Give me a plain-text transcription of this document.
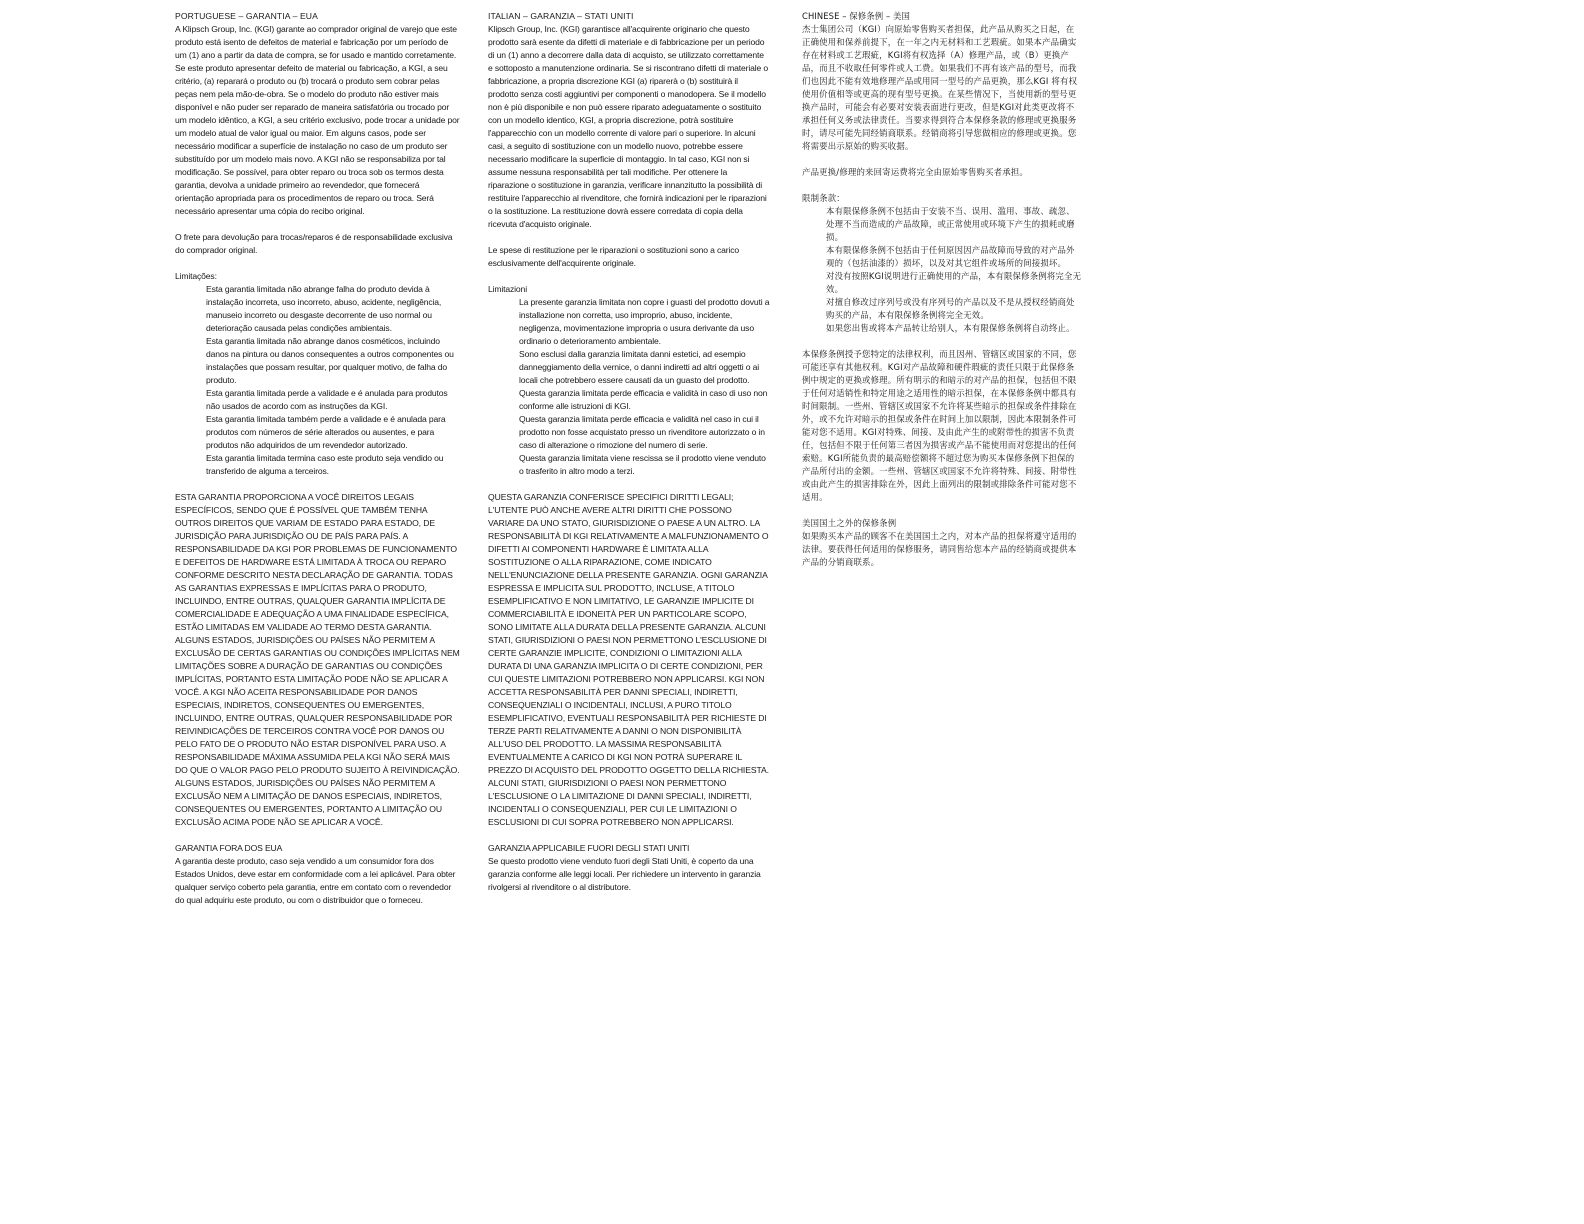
PORTUGUESE – GARANTIA – EUA

A Klipsch Group, Inc. (KGI) garante ao comprador original de varejo que este produto está isento de defeitos de material e fabricação por um período de um (1) ano a partir da data de compra, se for usado e mantido corretamente. Se este produto apresentar defeito de material ou fabricação, a KGI, a seu critério, (a) reparará o produto ou (b) trocará o produto sem cobrar pelas peças nem pela mão-de-obra. Se o modelo do produto não estiver mais disponível e não puder ser reparado de maneira satisfatória ou trocado por um modelo idêntico, a KGI, a seu critério exclusivo, pode trocar a unidade por um modelo atual de valor igual ou maior. Em alguns casos, pode ser necessário modificar a superfície de instalação no caso de um produto ser substituído por um modelo mais novo. A KGI não se responsabiliza por tal modificação. Se possível, para obter reparo ou troca sob os termos desta garantia, devolva a unidade primeiro ao revendedor, que fornecerá orientação apropriada para os procedimentos de reparo ou troca. Será necessário apresentar uma cópia do recibo original.

O frete para devolução para trocas/reparos é de responsabilidade exclusiva do comprador original.

Limitações:

Esta garantia limitada não abrange falha do produto devida à instalação incorreta, uso incorreto, abuso, acidente, negligência, manuseio incorreto ou desgaste decorrente de uso normal ou deterioração causada pelas condições ambientais.

Esta garantia limitada não abrange danos cosméticos, incluindo danos na pintura ou danos consequentes a outros componentes ou instalações que possam resultar, por qualquer motivo, de falha do produto.

Esta garantia limitada perde a validade e é anulada para produtos não usados de acordo com as instruções da KGI.

Esta garantia limitada também perde a validade e é anulada para produtos com números de série alterados ou ausentes, e para produtos não adquiridos de um revendedor autorizado.

Esta garantia limitada termina caso este produto seja vendido ou transferido de alguma a terceiros.

ESTA GARANTIA PROPORCIONA A VOCÊ DIREITOS LEGAIS ESPECÍFICOS, SENDO QUE É POSSÍVEL QUE TAMBÉM TENHA OUTROS DIREITOS QUE VARIAM DE ESTADO PARA ESTADO, DE JURISDIÇÃO PARA JURISDIÇÃO OU DE PAÍS PARA PAÍS. A RESPONSABILIDADE DA KGI POR PROBLEMAS DE FUNCIONAMENTO E DEFEITOS DE HARDWARE ESTÁ LIMITADA À TROCA OU REPARO CONFORME DESCRITO NESTA DECLARAÇÃO DE GARANTIA. TODAS AS GARANTIAS EXPRESSAS E IMPLÍCITAS PARA O PRODUTO, INCLUINDO, ENTRE OUTRAS, QUALQUER GARANTIA IMPLÍCITA DE COMERCIALIDADE E ADEQUAÇÃO A UMA FINALIDADE ESPECÍFICA, ESTÃO LIMITADAS EM VALIDADE AO TERMO DESTA GARANTIA. ALGUNS ESTADOS, JURISDIÇÕES OU PAÍSES NÃO PERMITEM A EXCLUSÃO DE CERTAS GARANTIAS OU CONDIÇÕES IMPLÍCITAS NEM LIMITAÇÕES SOBRE A DURAÇÃO DE GARANTIAS OU CONDIÇÕES IMPLÍCITAS, PORTANTO ESTA LIMITAÇÃO PODE NÃO SE APLICAR A VOCÊ. A KGI NÃO ACEITA RESPONSABILIDADE POR DANOS ESPECIAIS, INDIRETOS, CONSEQUENTES OU EMERGENTES, INCLUINDO, ENTRE OUTRAS, QUALQUER RESPONSABILIDADE POR REIVINDICAÇÕES DE TERCEIROS CONTRA VOCÊ POR DANOS OU PELO FATO DE O PRODUTO NÃO ESTAR DISPONÍVEL PARA USO. A RESPONSABILIDADE MÁXIMA ASSUMIDA PELA KGI NÃO SERÁ MAIS DO QUE O VALOR PAGO PELO PRODUTO SUJEITO À REIVINDICAÇÃO. ALGUNS ESTADOS, JURISDIÇÕES OU PAÍSES NÃO PERMITEM A EXCLUSÃO NEM A LIMITAÇÃO DE DANOS ESPECIAIS, INDIRETOS, CONSEQUENTES OU EMERGENTES, PORTANTO A LIMITAÇÃO OU EXCLUSÃO ACIMA PODE NÃO SE APLICAR A VOCÊ.

GARANTIA FORA DOS EUA

A garantia deste produto, caso seja vendido a um consumidor fora dos Estados Unidos, deve estar em conformidade com a lei aplicável. Para obter qualquer serviço coberto pela garantia, entre em contato com o revendedor do qual adquiriu este produto, ou com o distribuidor que o forneceu.

ITALIAN – GARANZIA – STATI UNITI

Klipsch Group, Inc. (KGI) garantisce all'acquirente originario che questo prodotto sarà esente da difetti di materiale e di fabbricazione per un periodo di un (1) anno a decorrere dalla data di acquisto, se utilizzato correttamente e sottoposto a manutenzione ordinaria. Se si riscontrano difetti di materiale o fabbricazione, a propria discrezione KGI (a) riparerà o (b) sostituirà il prodotto senza costi aggiuntivi per componenti o manodopera. Se il modello non è più disponibile e non può essere riparato adeguatamente o sostituito con un modello identico, KGI, a propria discrezione, potrà sostituire l'apparecchio con un modello corrente di valore pari o superiore. In alcuni casi, a seguito di sostituzione con un modello nuovo, potrebbe essere necessario modificare la superficie di montaggio. In tal caso, KGI non si assume nessuna responsabilità per tali modifiche. Per ottenere la riparazione o sostituzione in garanzia, verificare innanzitutto la possibilità di restituire l'apparecchio al rivenditore, che fornirà indicazioni per le riparazioni o la sostituzione. La restituzione dovrà essere corredata di copia della ricevuta d'acquisto originale.

Le spese di restituzione per le riparazioni o sostituzioni sono a carico esclusivamente dell'acquirente originale.

Limitazioni

La presente garanzia limitata non copre i guasti del prodotto dovuti a installazione non corretta, uso improprio, abuso, incidente, negligenza, movimentazione impropria o usura derivante da uso ordinario o deterioramento ambientale.

Sono esclusi dalla garanzia limitata danni estetici, ad esempio danneggiamento della vernice, o danni indiretti ad altri oggetti o ai locali che potrebbero essere causati da un guasto del prodotto.

Questa garanzia limitata perde efficacia e validità in caso di uso non conforme alle istruzioni di KGI.

Questa garanzia limitata perde efficacia e validità nel caso in cui il prodotto non fosse acquistato presso un rivenditore autorizzato o in caso di alterazione o rimozione del numero di serie.

Questa garanzia limitata viene rescissa se il prodotto viene venduto o trasferito in altro modo a terzi.

QUESTA GARANZIA CONFERISCE SPECIFICI DIRITTI LEGALI; L'UTENTE PUÒ ANCHE AVERE ALTRI DIRITTI CHE POSSONO VARIARE DA UNO STATO, GIURISDIZIONE O PAESE A UN ALTRO. LA RESPONSABILITÀ DI KGI RELATIVAMENTE A MALFUNZIONAMENTO O DIFETTI AI COMPONENTI HARDWARE È LIMITATA ALLA SOSTITUZIONE O ALLA RIPARAZIONE, COME INDICATO NELL'ENUNCIAZIONE DELLA PRESENTE GARANZIA. OGNI GARANZIA ESPRESSA E IMPLICITA SUL PRODOTTO, INCLUSE, A TITOLO ESEMPLIFICATIVO E NON LIMITATIVO, LE GARANZIE IMPLICITE DI COMMERCIABILITÀ E IDONEITÀ PER UN PARTICOLARE SCOPO, SONO LIMITATE ALLA DURATA DELLA PRESENTE GARANZIA. ALCUNI STATI, GIURISDIZIONI O PAESI NON PERMETTONO L'ESCLUSIONE DI CERTE GARANZIE IMPLICITE, CONDIZIONI O LIMITAZIONI ALLA DURATA DI UNA GARANZIA IMPLICITA O DI CERTE CONDIZIONI, PER CUI QUESTE LIMITAZIONI POTREBBERO NON APPLICARSI. KGI NON ACCETTA RESPONSABILITÀ PER DANNI SPECIALI, INDIRETTI, CONSEQUENZIALI O INCIDENTALI, INCLUSI, A PURO TITOLO ESEMPLIFICATIVO, EVENTUALI RESPONSABILITÀ PER RICHIESTE DI TERZE PARTI RELATIVAMENTE A DANNI O NON DISPONIBILITÀ ALL'USO DEL PRODOTTO. LA MASSIMA RESPONSABILITÀ EVENTUALMENTE A CARICO DI KGI NON POTRÀ SUPERARE IL PREZZO DI ACQUISTO DEL PRODOTTO OGGETTO DELLA RICHIESTA. ALCUNI STATI, GIURISDIZIONI O PAESI NON PERMETTONO L'ESCLUSIONE O LA LIMITAZIONE DI DANNI SPECIALI, INDIRETTI, INCIDENTALI O CONSEQUENZIALI, PER CUI LE LIMITAZIONI O ESCLUSIONI DI CUI SOPRA POTREBBERO NON APPLICARSI.

GARANZIA APPLICABILE FUORI DEGLI STATI UNITI

Se questo prodotto viene venduto fuori degli Stati Uniti, è coperto da una garanzia conforme alle leggi locali. Per richiedere un intervento in garanzia rivolgersi al rivenditore o al distributore.

CHINESE – 保修条例 – 美国

杰士集团公司（KGI）向原始零售购买者担保，此产品从购买之日起，在正确使用和保养前提下，在一年之内无材料和工艺瑕疵。如果本产品确实存在材料或工艺瑕疵，KGI将有权选择（A）修理产品，或（B）更换产品，而且不收取任何零件或人工费。如果我们不再有该产品的型号，而我们也因此不能有效地修理产品或用同一型号的产品更换，那么KGI 将有权使用价值相等或更高的现有型号更换。在某些情况下，当使用新的型号更换产品时，可能会有必要对安装表面进行更改，但是KGI对此类更改将不承担任何义务或法律责任。当要求得到符合本保修条款的修理或更换服务时，请尽可能先同经销商联系。经销商将引导您做相应的修理或更换。您将需要出示原始的购买收据。

产品更换/修理的来回寄运费将完全由原始零售购买者承担。

限制条款：

本有限保修条例不包括由于安装不当、误用、滥用、事故、疏忽、处理不当而造成的产品故障，或正常使用或环境下产生的损耗或磨损。

本有限保修条例不包括由于任何原因因产品故障而导致的对产品外观的（包括油漆的）损坏，以及对其它组件或场所的间接损坏。

对没有按照KGI说明进行正确使用的产品，本有限保修条例将完全无效。

对擅自修改过序列号或没有序列号的产品以及不是从授权经销商处购买的产品，本有限保修条例将完全无效。

如果您出售或将本产品转让给别人，本有限保修条例将自动终止。

本保修条例授予您特定的法律权利，而且因州、管辖区或国家的不同，您可能还享有其他权利。KGI对产品故障和硬件瑕疵的责任只限于此保修条例中规定的更换或修理。所有明示的和暗示的对产品的担保，包括但不限于任何对适销性和特定用途之适用性的暗示担保，在本保修条例中都具有时间限制。一些州、管辖区或国家不允许将某些暗示的担保或条件排除在外，或不允许对暗示的担保或条件在时间上加以限制，因此本限制条件可能对您不适用。KGI对特殊、间接、及由此产生的或附带性的损害不负责任，包括但不限于任何第三者因为损害或产品不能使用而对您提出的任何索赔。KGI所能负责的最高赔偿额将不超过您为购买本保修条例下担保的产品所付出的金额。一些州、管辖区或国家不允许将特殊、间接、附带性或由此产生的损害排除在外，因此上面列出的限制或排除条件可能对您不适用。

美国国土之外的保修条例

如果购买本产品的顾客不在美国国土之内，对本产品的担保将遵守适用的法律。要获得任何适用的保修服务，请同售给您本产品的经销商或提供本产品的分销商联系。
